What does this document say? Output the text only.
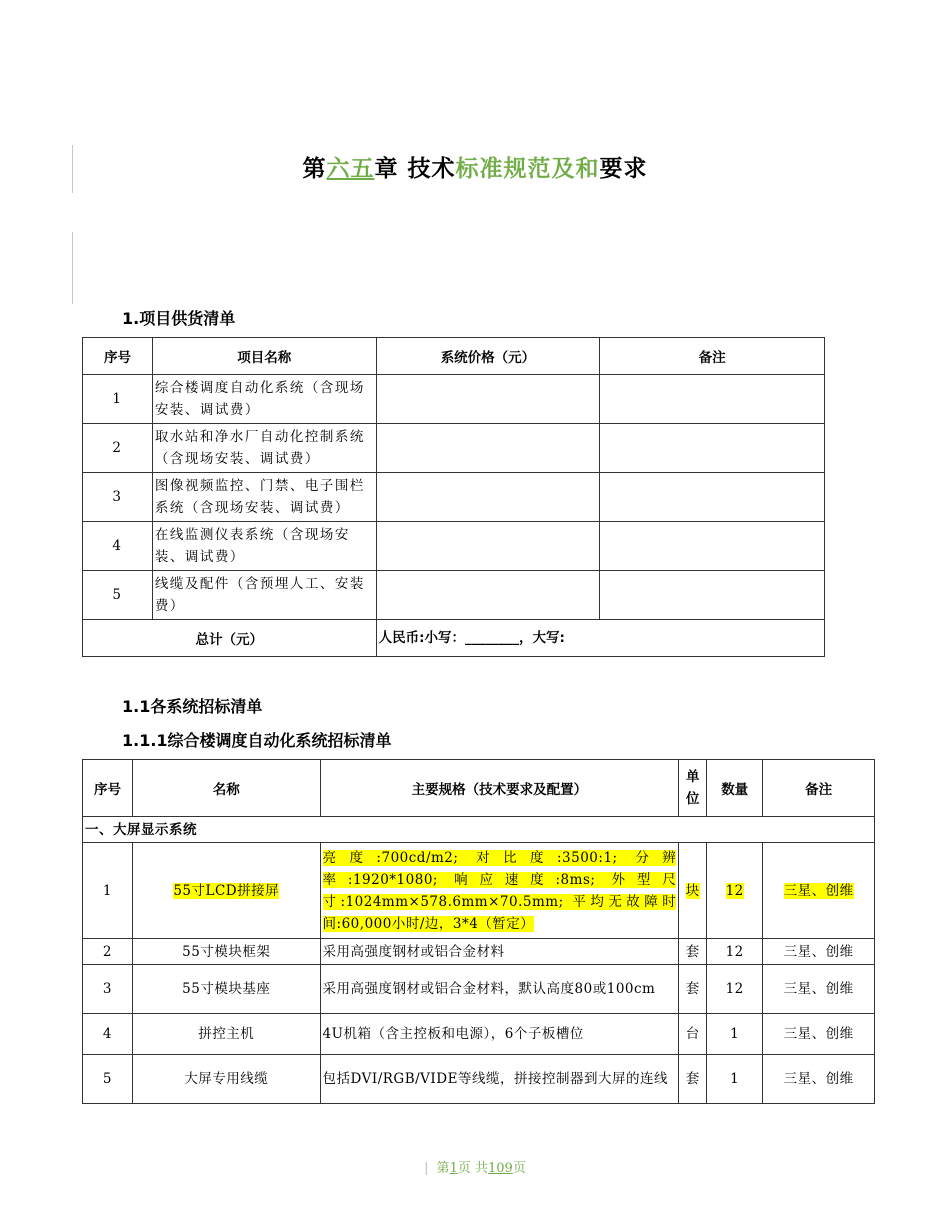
第六五章 技术标准规范及和要求
1.项目供货清单
序号	项目名称	系统价格（元）	备注
1	综合楼调度自动化系统（含现场安装、调试费）		
2	取水站和净水厂自动化控制系统（含现场安装、调试费）		
3	图像视频监控、门禁、电子围栏系统（含现场安装、调试费）		
4	在线监测仪表系统（含现场安装、调试费）		
5	线缆及配件（含预埋人工、安装费）		
总计（元）		人民币:小写：________，大写:	
1.1各系统招标清单
1.1.1综合楼调度自动化系统招标清单
序号	名称	主要规格（技术要求及配置）	单位	数量	备注
一、大屏显示系统					
1	55寸LCD拼接屏	亮度:700cd/m2; 对比度:3500:1; 分辨率:1920*1080; 响应速度:8ms; 外型尺寸:1024mm×578.6mm×70.5mm; 平均无故障时间:60,000小时/边，3*4（暂定）	块	12	三星、创维
2	55寸模块框架	采用高强度钢材或铝合金材料	套	12	三星、创维
3	55寸模块基座	采用高强度钢材或铝合金材料，默认高度80或100cm	套	12	三星、创维
4	拼控主机	4U机箱（含主控板和电源），6个子板槽位	台	1	三星、创维
5	大屏专用线缆	包括DVI/RGB/VIDE等线缆，拼接控制器到大屏的连线	套	1	三星、创维
| 第1页 共109页
